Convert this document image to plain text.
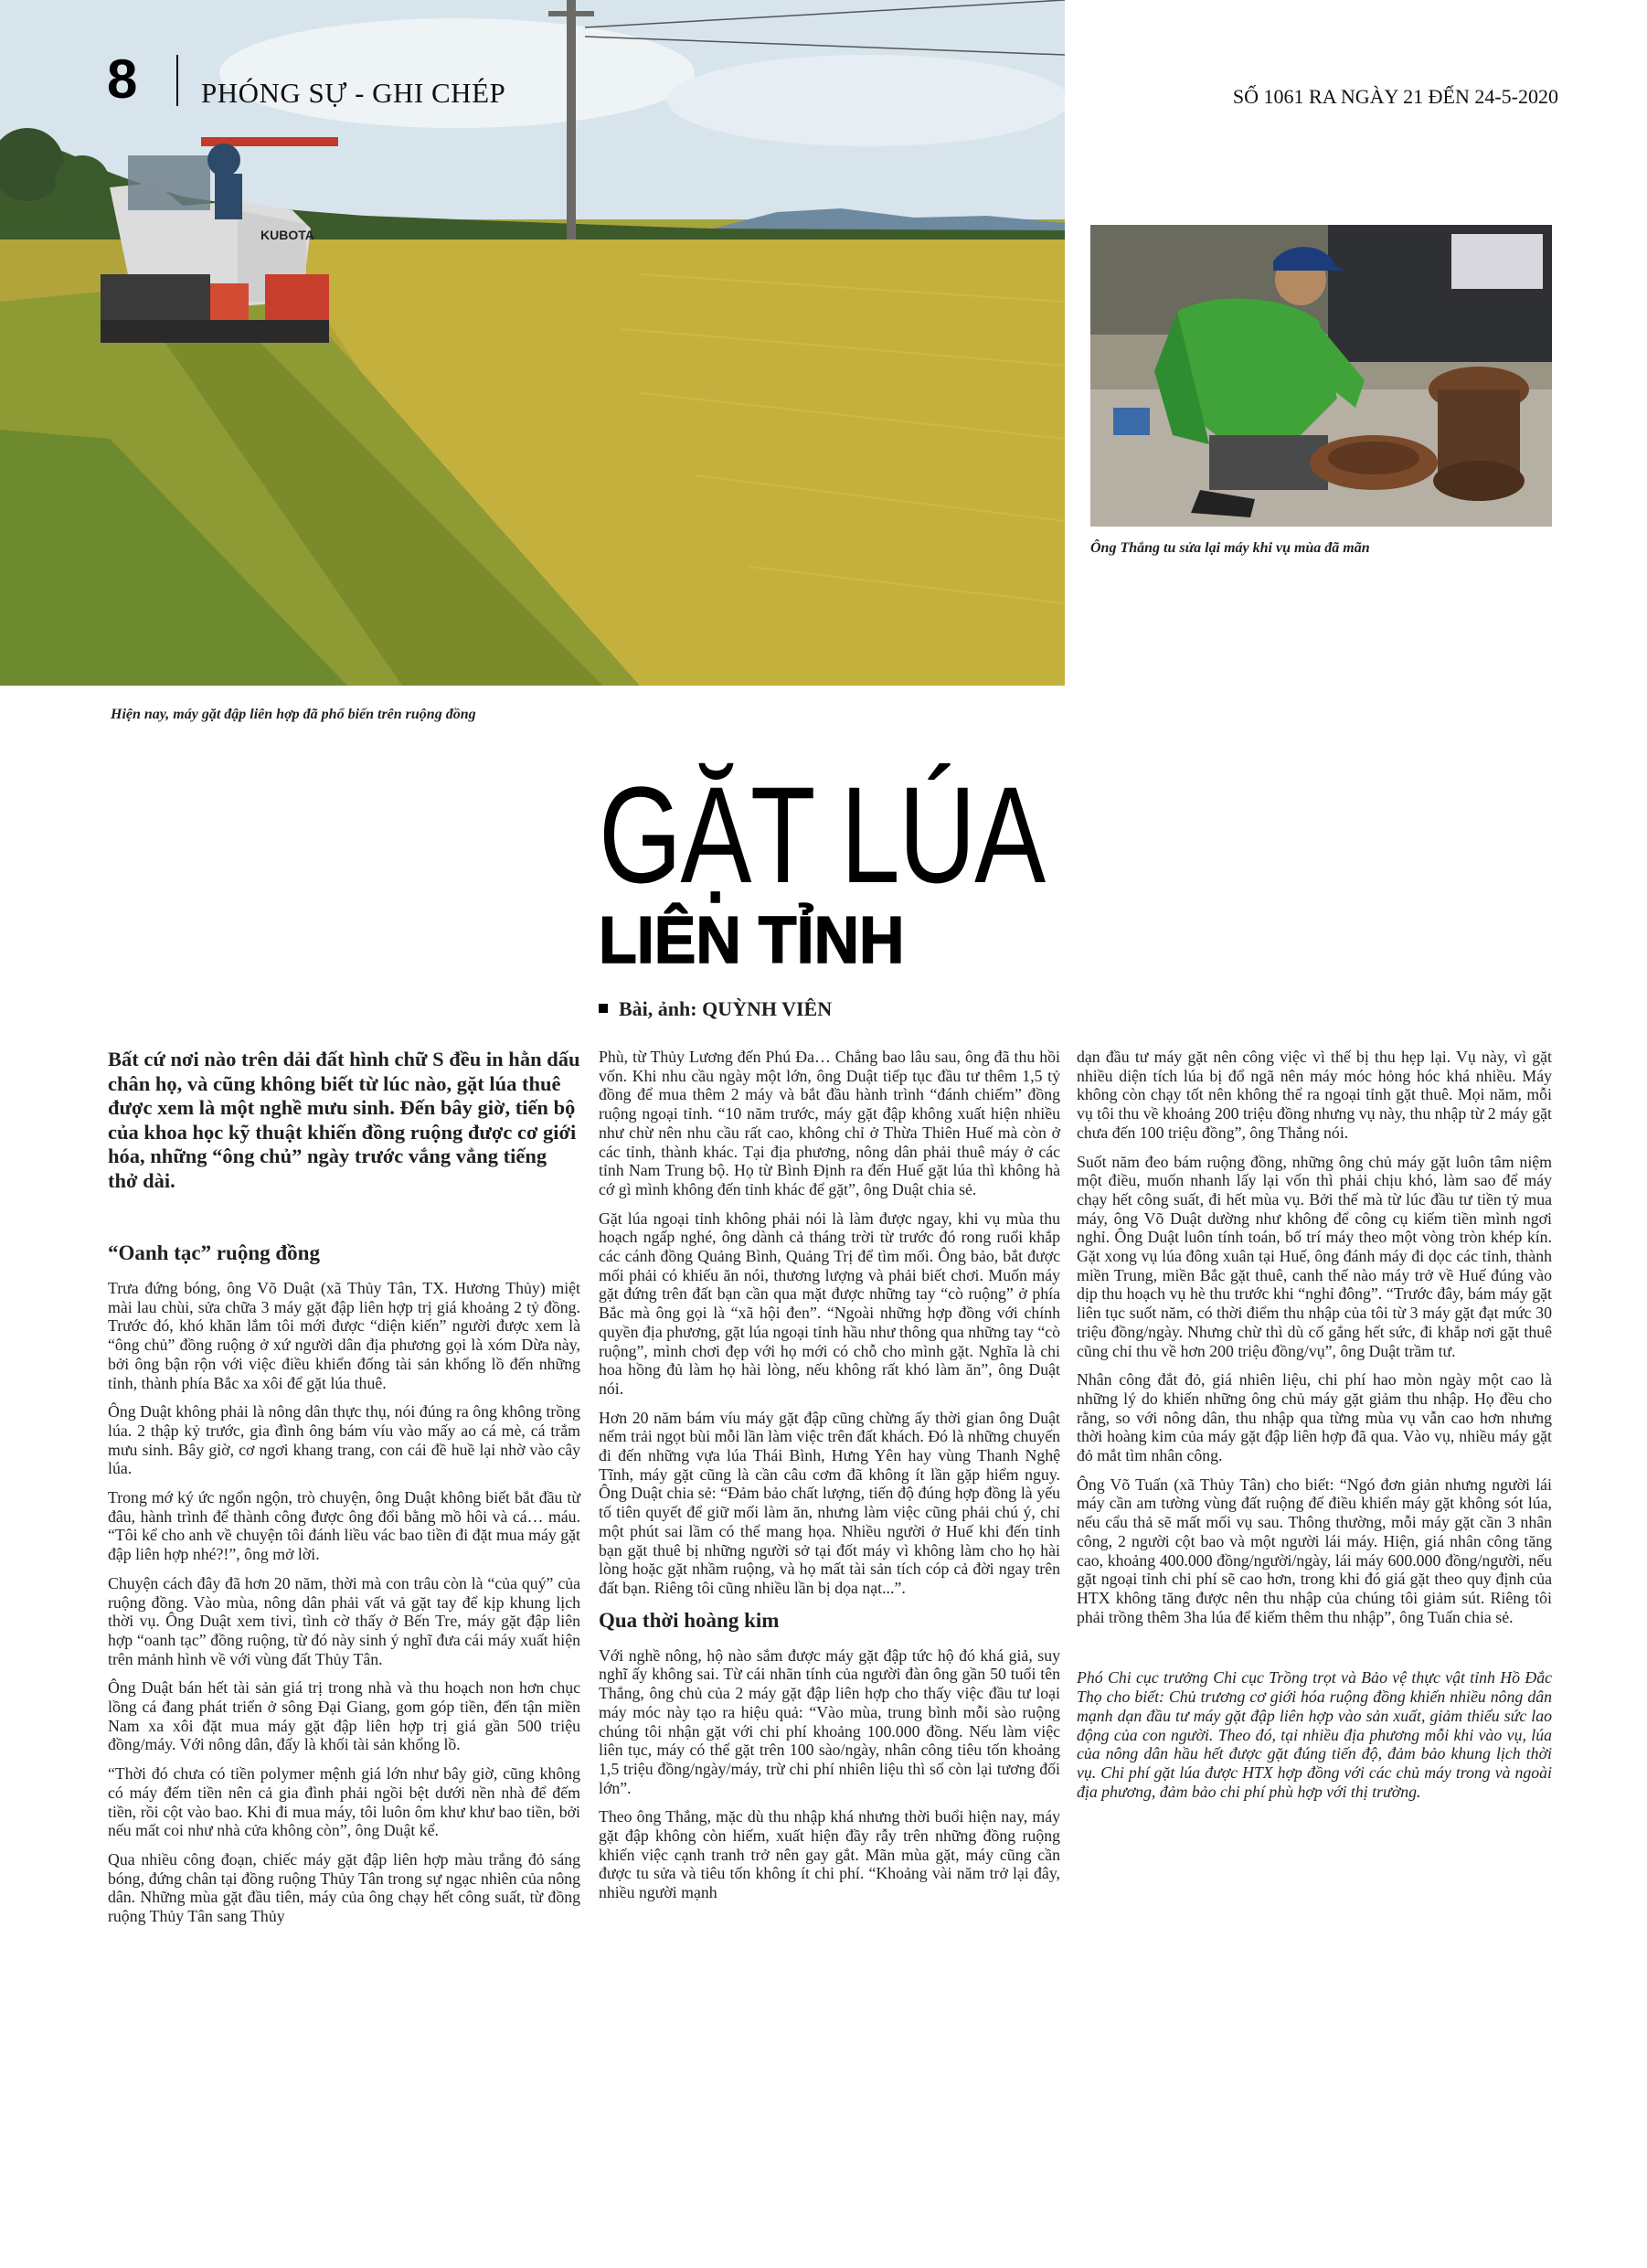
KUBOTA
Ông Thắng tu sửa lại máy khi vụ mùa đã mãn
Hiện nay, máy gặt đập liên hợp đã phổ biến trên ruộng đồng
8 PHÓNG SỰ - GHI CHÉP	SỐ 1061 RA NGÀY 21 ĐẾN 24-5-2020
GẶT LÚA
LIÊN TỈNH
Bài, ảnh: QUỲNH VIÊN

Bất cứ nơi nào trên dải đất hình chữ S đều in hằn dấu chân họ, và cũng không biết từ lúc nào, gặt lúa thuê được xem là một nghề mưu sinh. Đến bây giờ, tiến bộ của khoa học kỹ thuật khiến đồng ruộng được cơ giới hóa, những “ông chủ” ngày trước vắng vẳng tiếng thở dài.

“Oanh tạc” ruộng đồng

Trưa đứng bóng, ông Võ Duật (xã Thủy Tân, TX. Hương Thủy) miệt mài lau chùi, sửa chữa 3 máy gặt đập liên hợp trị giá khoảng 2 tỷ đồng. Trước đó, khó khăn lắm tôi mới được “diện kiến” người được xem là “ông chủ” đồng ruộng ở xứ người dân địa phương gọi là xóm Dừa này, bởi ông bận rộn với việc điều khiển đống tài sản khổng lồ đến những tỉnh, thành phía Bắc xa xôi để gặt lúa thuê.

Ông Duật không phải là nông dân thực thụ, nói đúng ra ông không trồng lúa. 2 thập kỷ trước, gia đình ông bám víu vào mấy ao cá mè, cá trắm mưu sinh. Bây giờ, cơ ngơi khang trang, con cái đề huề lại nhờ vào cây lúa.

Trong mớ ký ức ngổn ngộn, trò chuyện, ông Duật không biết bắt đầu từ đâu, hành trình để thành công được ông đổi bằng mồ hôi và cá… máu. “Tôi kể cho anh về chuyện tôi đánh liều vác bao tiền đi đặt mua máy gặt đập liên hợp nhé?!”, ông mở lời.

Chuyện cách đây đã hơn 20 năm, thời mà con trâu còn là “của quý” của ruộng đồng. Vào mùa, nông dân phải vất vả gặt tay để kịp khung lịch thời vụ. Ông Duật xem tivi, tình cờ thấy ở Bến Tre, máy gặt đập liên hợp “oanh tạc” đồng ruộng, từ đó này sinh ý nghĩ đưa cái máy xuất hiện trên mảnh hình về với vùng đất Thủy Tân.

Ông Duật bán hết tài sản giá trị trong nhà và thu hoạch non hơn chục lồng cá đang phát triển ở sông Đại Giang, gom góp tiền, đến tận miền Nam xa xôi đặt mua máy gặt đập liên hợp trị giá gần 500 triệu đồng/máy. Với nông dân, đấy là khối tài sản khổng lồ.

“Thời đó chưa có tiền polymer mệnh giá lớn như bây giờ, cũng không có máy đếm tiền nên cả gia đình phải ngồi bệt dưới nền nhà để đếm tiền, rồi cột vào bao. Khi đi mua máy, tôi luôn ôm khư khư bao tiền, bởi nếu mất coi như nhà cửa không còn”, ông Duật kể.

Qua nhiều công đoạn, chiếc máy gặt đập liên hợp màu trắng đỏ sáng bóng, đứng chân tại đồng ruộng Thủy Tân trong sự ngạc nhiên của nông dân. Những mùa gặt đầu tiên, máy của ông chạy hết công suất, từ đồng ruộng Thủy Tân sang Thủy

Phù, từ Thủy Lương đến Phú Đa… Chẳng bao lâu sau, ông đã thu hồi vốn. Khi nhu cầu ngày một lớn, ông Duật tiếp tục đầu tư thêm 1,5 tỷ đồng để mua thêm 2 máy và bắt đầu hành trình “đánh chiếm” đồng ruộng ngoại tỉnh. “10 năm trước, máy gặt đập không xuất hiện nhiều như chừ nên nhu cầu rất cao, không chỉ ở Thừa Thiên Huế mà còn ở các tỉnh, thành khác. Tại địa phương, nông dân phải thuê máy ở các tỉnh Nam Trung bộ. Họ từ Bình Định ra đến Huế gặt lúa thì không hà cớ gì mình không đến tỉnh khác để gặt”, ông Duật chia sẻ.

Gặt lúa ngoại tỉnh không phải nói là làm được ngay, khi vụ mùa thu hoạch ngấp nghé, ông dành cả tháng trời từ trước đó rong ruổi khắp các cánh đồng Quảng Bình, Quảng Trị để tìm mối. Ông bảo, bắt được mối phải có khiếu ăn nói, thương lượng và phải biết chơi. Muốn máy gặt đứng trên đất bạn cần qua mặt được những tay “cò ruộng” ở phía Bắc mà ông gọi là “xã hội đen”. “Ngoài những hợp đồng với chính quyền địa phương, gặt lúa ngoại tỉnh hầu như thông qua những tay “cò ruộng”, mình chơi đẹp với họ mới có chỗ cho mình gặt. Nghĩa là chi hoa hồng đủ làm họ hài lòng, nếu không rất khó làm ăn”, ông Duật nói.

Hơn 20 năm bám víu máy gặt đập cũng chừng ấy thời gian ông Duật nếm trải ngọt bùi mỗi lần làm việc trên đất khách. Đó là những chuyến đi đến những vựa lúa Thái Bình, Hưng Yên hay vùng Thanh Nghệ Tĩnh, máy gặt cũng là cần câu cơm đã không ít lần gặp hiểm nguy. Ông Duật chia sẻ: “Đảm bảo chất lượng, tiến độ đúng hợp đồng là yếu tố tiên quyết để giữ mối làm ăn, nhưng làm việc cũng phải chú ý, chỉ một phút sai lầm có thể mang họa. Nhiều người ở Huế khi đến tỉnh bạn gặt thuê bị những người sở tại đốt máy vì không làm cho họ hài lòng hoặc gặt nhầm ruộng, và họ mất tài sản tích cóp cả đời ngay trên đất bạn. Riêng tôi cũng nhiều lần bị dọa nạt...”.

Qua thời hoàng kim

Với nghề nông, hộ nào sắm được máy gặt đập tức hộ đó khá giả, suy nghĩ ấy không sai. Từ cái nhãn tính của người đàn ông gần 50 tuổi tên Thắng, ông chủ của 2 máy gặt đập liên hợp cho thấy việc đầu tư loại máy móc này tạo ra hiệu quả: “Vào mùa, trung bình mỗi sào ruộng chúng tôi nhận gặt với chi phí khoảng 100.000 đồng. Nếu làm việc liên tục, máy có thể gặt trên 100 sào/ngày, nhân công tiêu tốn khoảng 1,5 triệu đồng/ngày/máy, trừ chi phí nhiên liệu thì số còn lại tương đối lớn”.

Theo ông Thắng, mặc dù thu nhập khá nhưng thời buổi hiện nay, máy gặt đập không còn hiếm, xuất hiện đầy rẫy trên những đồng ruộng khiến việc cạnh tranh trở nên gay gắt. Mãn mùa gặt, máy cũng cần được tu sửa và tiêu tốn không ít chi phí. “Khoảng vài năm trở lại đây, nhiều người mạnh

dạn đầu tư máy gặt nên công việc vì thế bị thu hẹp lại. Vụ này, vì gặt nhiều diện tích lúa bị đổ ngã nên máy móc hỏng hóc khá nhiều. Máy không còn chạy tốt nên không thể ra ngoại tỉnh gặt thuê. Mọi năm, mỗi vụ tôi thu về khoảng 200 triệu đồng nhưng vụ này, thu nhập từ 2 máy gặt chưa đến 100 triệu đồng”, ông Thắng nói.

Suốt năm đeo bám ruộng đồng, những ông chủ máy gặt luôn tâm niệm một điều, muốn nhanh lấy lại vốn thì phải chịu khó, làm sao để máy chạy hết công suất, đi hết mùa vụ. Bởi thế mà từ lúc đầu tư tiền tỷ mua máy, ông Võ Duật dường như không để công cụ kiếm tiền mình ngơi nghỉ. Ông Duật luôn tính toán, bố trí máy theo một vòng tròn khép kín. Gặt xong vụ lúa đông xuân tại Huế, ông đánh máy đi dọc các tỉnh, thành miền Trung, miền Bắc gặt thuê, canh thế nào máy trở về Huế đúng vào dịp thu hoạch vụ hè thu trước khi “nghỉ đông”. “Trước đây, bám máy gặt liên tục suốt năm, có thời điểm thu nhập của tôi từ 3 máy gặt đạt mức 30 triệu đồng/ngày. Nhưng chừ thì dù cố gắng hết sức, đi khắp nơi gặt thuê cũng chỉ thu về hơn 200 triệu đồng/vụ”, ông Duật trầm tư.

Nhân công đắt đỏ, giá nhiên liệu, chi phí hao mòn ngày một cao là những lý do khiến những ông chủ máy gặt giảm thu nhập. Họ đều cho rằng, so với nông dân, thu nhập qua từng mùa vụ vẫn cao hơn nhưng thời hoàng kim của máy gặt đập liên hợp đã qua. Vào vụ, nhiều máy gặt đỏ mắt tìm nhân công.

Ông Võ Tuấn (xã Thủy Tân) cho biết: “Ngó đơn giản nhưng người lái máy cần am tường vùng đất ruộng để điều khiển máy gặt không sót lúa, nếu cẩu thả sẽ mất mối vụ sau. Thông thường, mỗi máy gặt cần 3 nhân công, 2 người cột bao và một người lái máy. Hiện, giá nhân công tăng cao, khoảng 400.000 đồng/người/ngày, lái máy 600.000 đồng/người, nếu gặt ngoại tỉnh chi phí sẽ cao hơn, trong khi đó giá gặt theo quy định của HTX không tăng được nên thu nhập của chúng tôi giảm sút. Riêng tôi phải trồng thêm 3ha lúa để kiếm thêm thu nhập”, ông Tuấn chia sẻ.

Phó Chi cục trưởng Chi cục Trồng trọt và Bảo vệ thực vật tỉnh Hồ Đắc Thọ cho biết: Chủ trương cơ giới hóa ruộng đồng khiến nhiều nông dân mạnh dạn đầu tư máy gặt đập liên hợp vào sản xuất, giảm thiểu sức lao động của con người. Theo đó, tại nhiều địa phương mỗi khi vào vụ, lúa của nông dân hầu hết được gặt đúng tiến độ, đảm bảo khung lịch thời vụ. Chi phí gặt lúa được HTX hợp đồng với các chủ máy trong và ngoài địa phương, đảm bảo chi phí phù hợp với thị trường.
